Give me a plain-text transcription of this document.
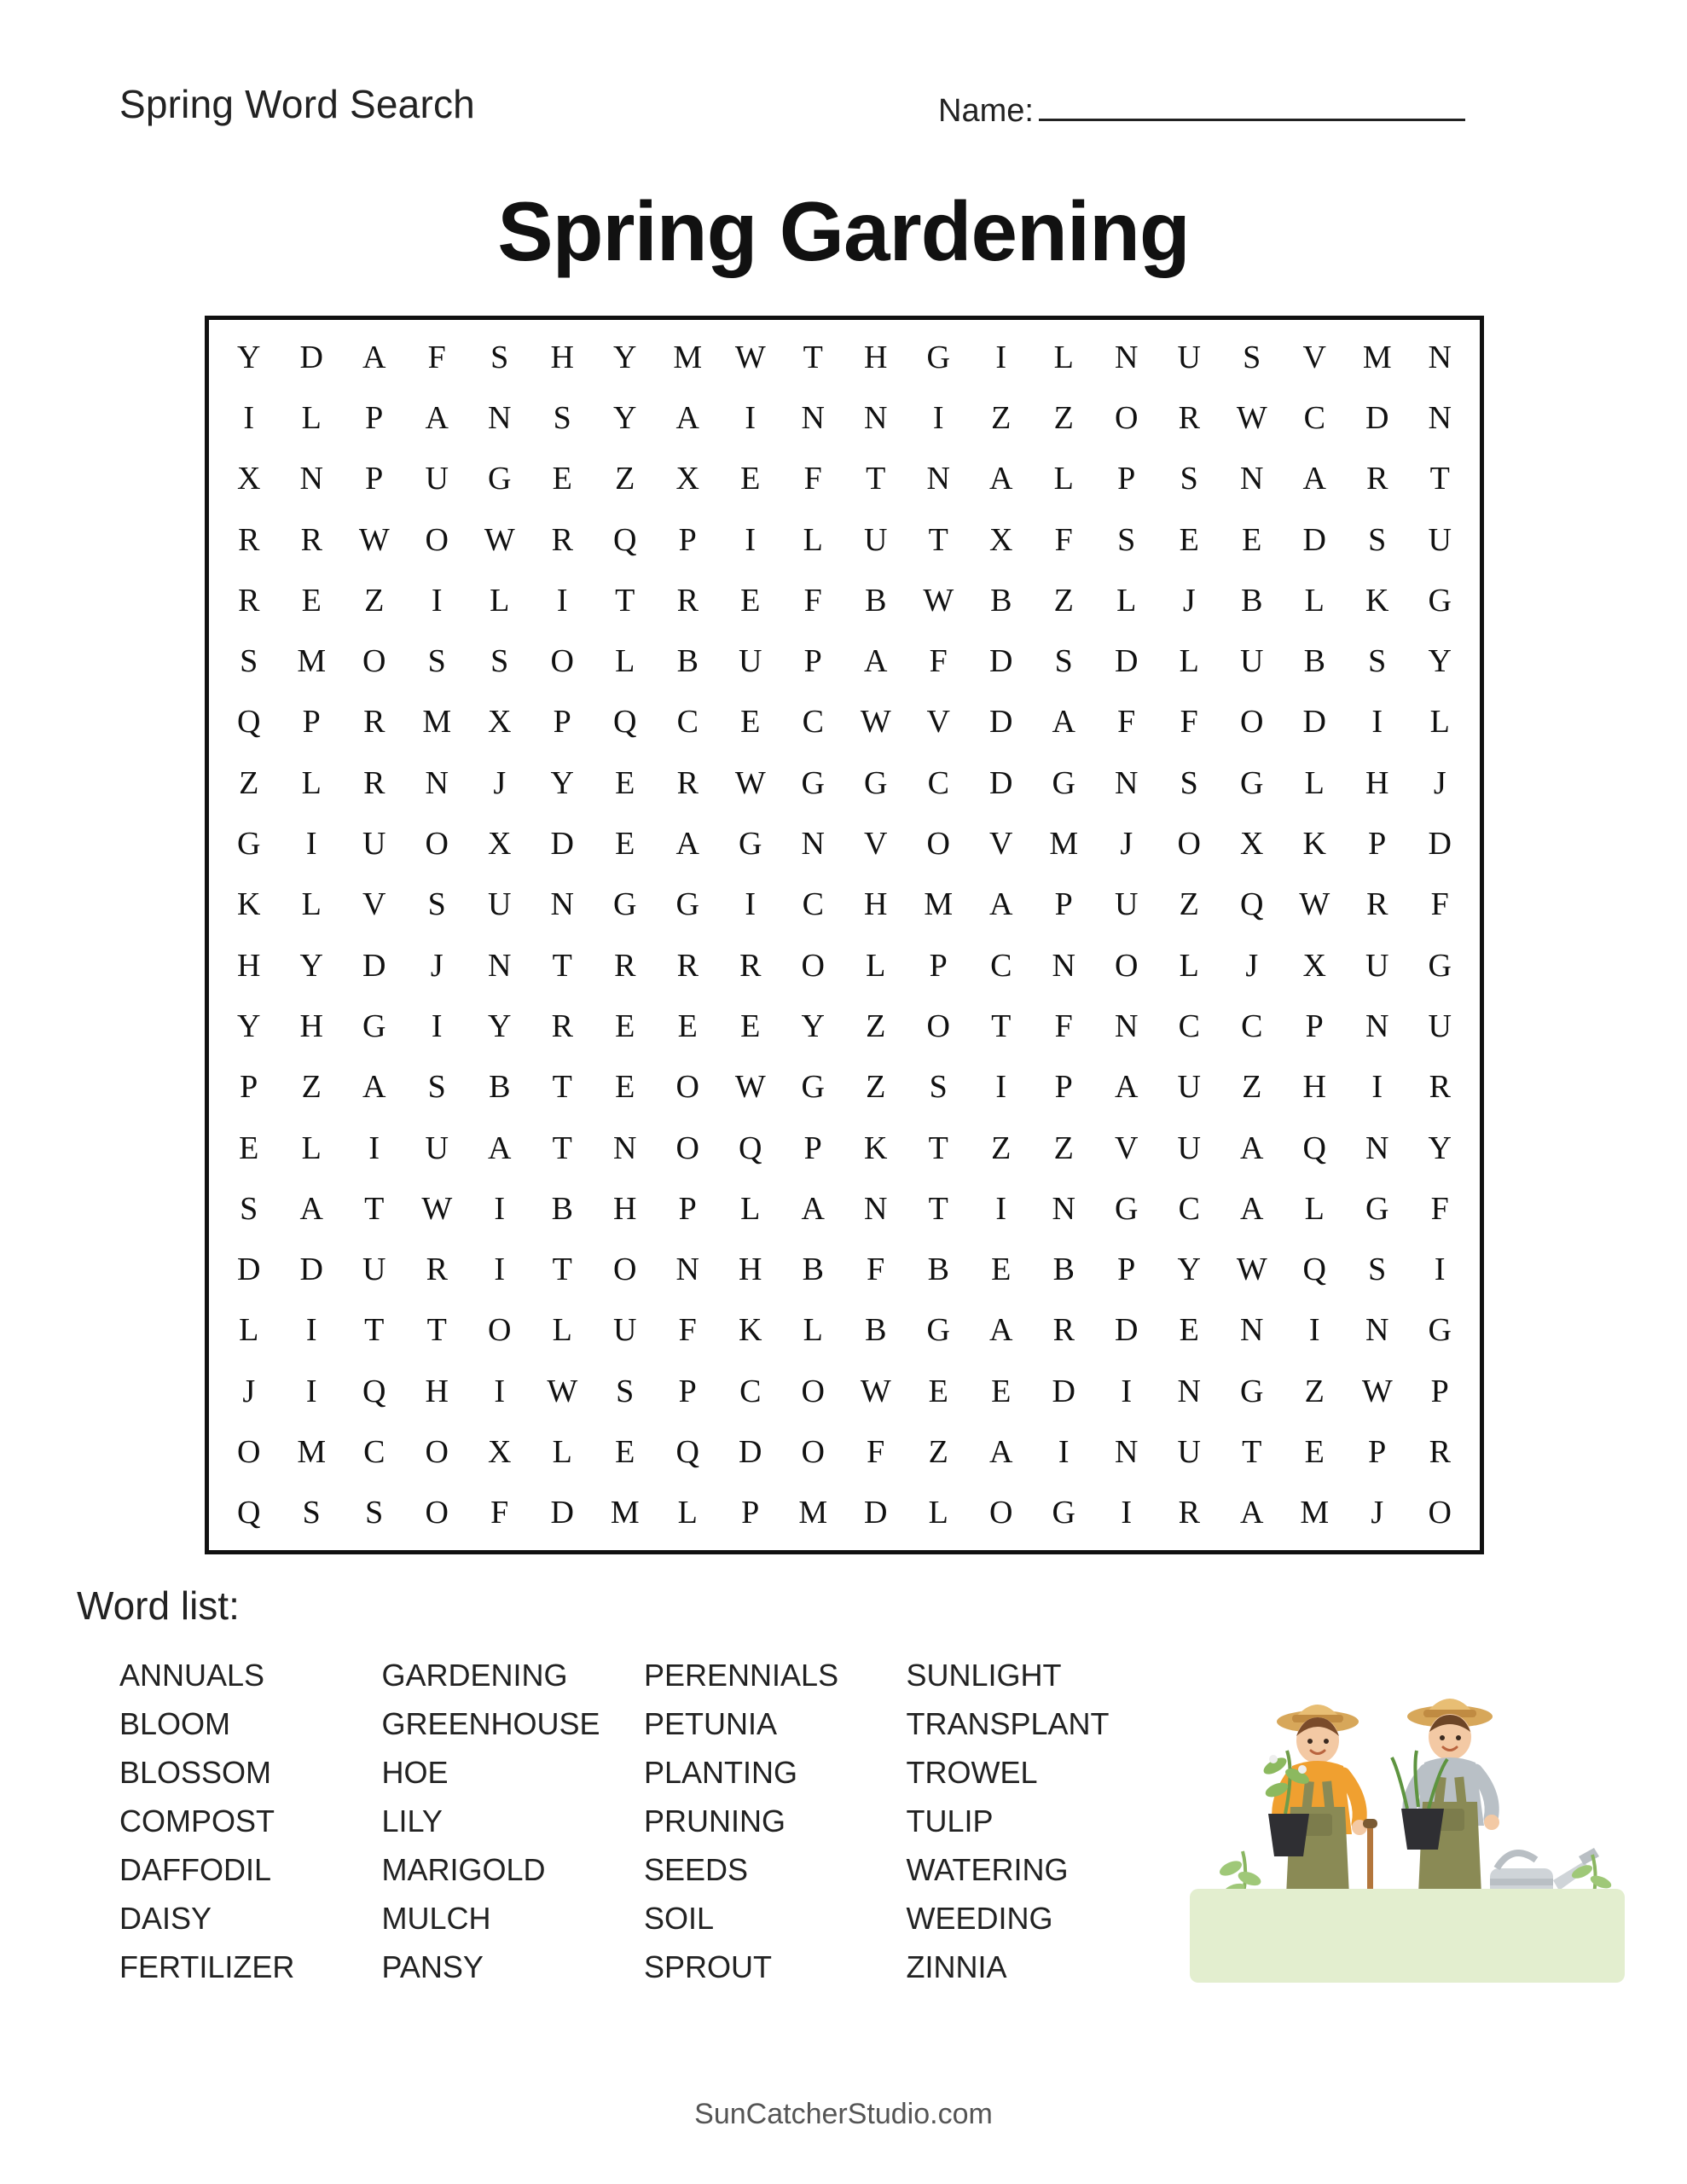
Spring Word Search	Name:
Spring Gardening
Y	D	A	F	S	H	Y	M	W	T	H	G	I	L	N	U	S	V	M	N
I	L	P	A	N	S	Y	A	I	N	N	I	Z	Z	O	R	W	C	D	N
X	N	P	U	G	E	Z	X	E	F	T	N	A	L	P	S	N	A	R	T
R	R	W	O	W	R	Q	P	I	L	U	T	X	F	S	E	E	D	S	U
R	E	Z	I	L	I	T	R	E	F	B	W	B	Z	L	J	B	L	K	G
S	M	O	S	S	O	L	B	U	P	A	F	D	S	D	L	U	B	S	Y
Q	P	R	M	X	P	Q	C	E	C	W	V	D	A	F	F	O	D	I	L
Z	L	R	N	J	Y	E	R	W	G	G	C	D	G	N	S	G	L	H	J
G	I	U	O	X	D	E	A	G	N	V	O	V	M	J	O	X	K	P	D
K	L	V	S	U	N	G	G	I	C	H	M	A	P	U	Z	Q	W	R	F
H	Y	D	J	N	T	R	R	R	O	L	P	C	N	O	L	J	X	U	G
Y	H	G	I	Y	R	E	E	E	Y	Z	O	T	F	N	C	C	P	N	U
P	Z	A	S	B	T	E	O	W	G	Z	S	I	P	A	U	Z	H	I	R
E	L	I	U	A	T	N	O	Q	P	K	T	Z	Z	V	U	A	Q	N	Y
S	A	T	W	I	B	H	P	L	A	N	T	I	N	G	C	A	L	G	F
D	D	U	R	I	T	O	N	H	B	F	B	E	B	P	Y	W	Q	S	I
L	I	T	T	O	L	U	F	K	L	B	G	A	R	D	E	N	I	N	G
J	I	Q	H	I	W	S	P	C	O	W	E	E	D	I	N	G	Z	W	P
O	M	C	O	X	L	E	Q	D	O	F	Z	A	I	N	U	T	E	P	R
Q	S	S	O	F	D	M	L	P	M	D	L	O	G	I	R	A	M	J	O
Word list:
ANNUALS	GARDENING	PERENNIALS	SUNLIGHT
BLOOM	GREENHOUSE	PETUNIA	TRANSPLANT
BLOSSOM	HOE	PLANTING	TROWEL
COMPOST	LILY	PRUNING	TULIP
DAFFODIL	MARIGOLD	SEEDS	WATERING
DAISY	MULCH	SOIL	WEEDING
FERTILIZER	PANSY	SPROUT	ZINNIA
SunCatcherStudio.com
